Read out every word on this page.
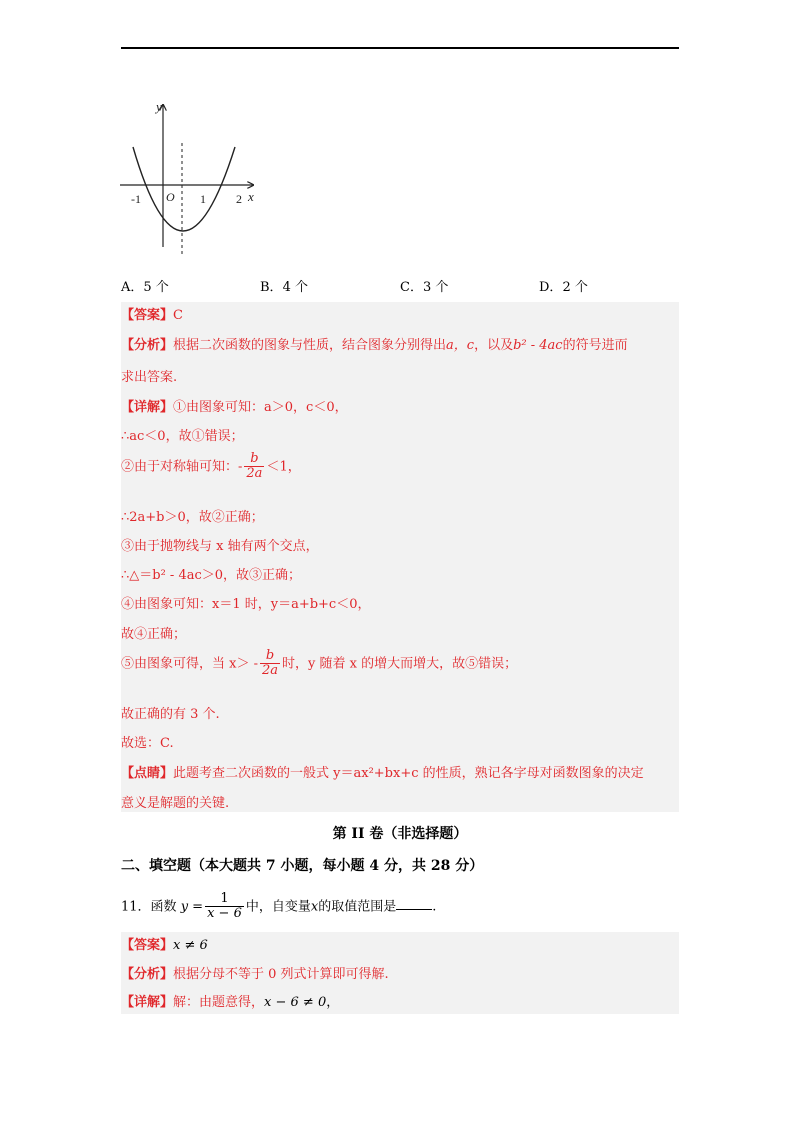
y
x
O
-1	1	2
A．5 个	B．4 个	C．3 个	D．2 个
【答案】C
【分析】根据二次函数的图象与性质，结合图象分别得出a，c，以及b² - 4ac的符号进而
求出答案.
【详解】①由图象可知：a＞0，c＜0，
∴ac＜0，故①错误；
②由于对称轴可知：- $\frac{b}{2a} <1$，
∴2a+b＞0，故②正确；
③由于抛物线与 x 轴有两个交点，
∴△＝b² - 4ac＞0，故③正确；
④由图象可知：x＝1 时，y＝a+b+c＜0，
故④正确；
⑤由图象可得，当 $x> - \frac{b}{2a}$ 时，y 随着 x 的增大而增大，故⑤错误；
故正确的有 3 个.
故选：C.
【点睛】此题考查二次函数的一般式 y＝ax²+bx+c 的性质，熟记各字母对函数图象的决定
意义是解题的关键.
第 II 卷（非选择题）
二、填空题（本大题共 7 小题，每小题 4 分，共 28 分）
11．函数 $y = \frac{1}{x - 6}$ 中，自变量x的取值范围是	.
【答案】x ≠ 6
【分析】根据分母不等于 0 列式计算即可得解.
【详解】解：由题意得，x − 6 ≠ 0，
